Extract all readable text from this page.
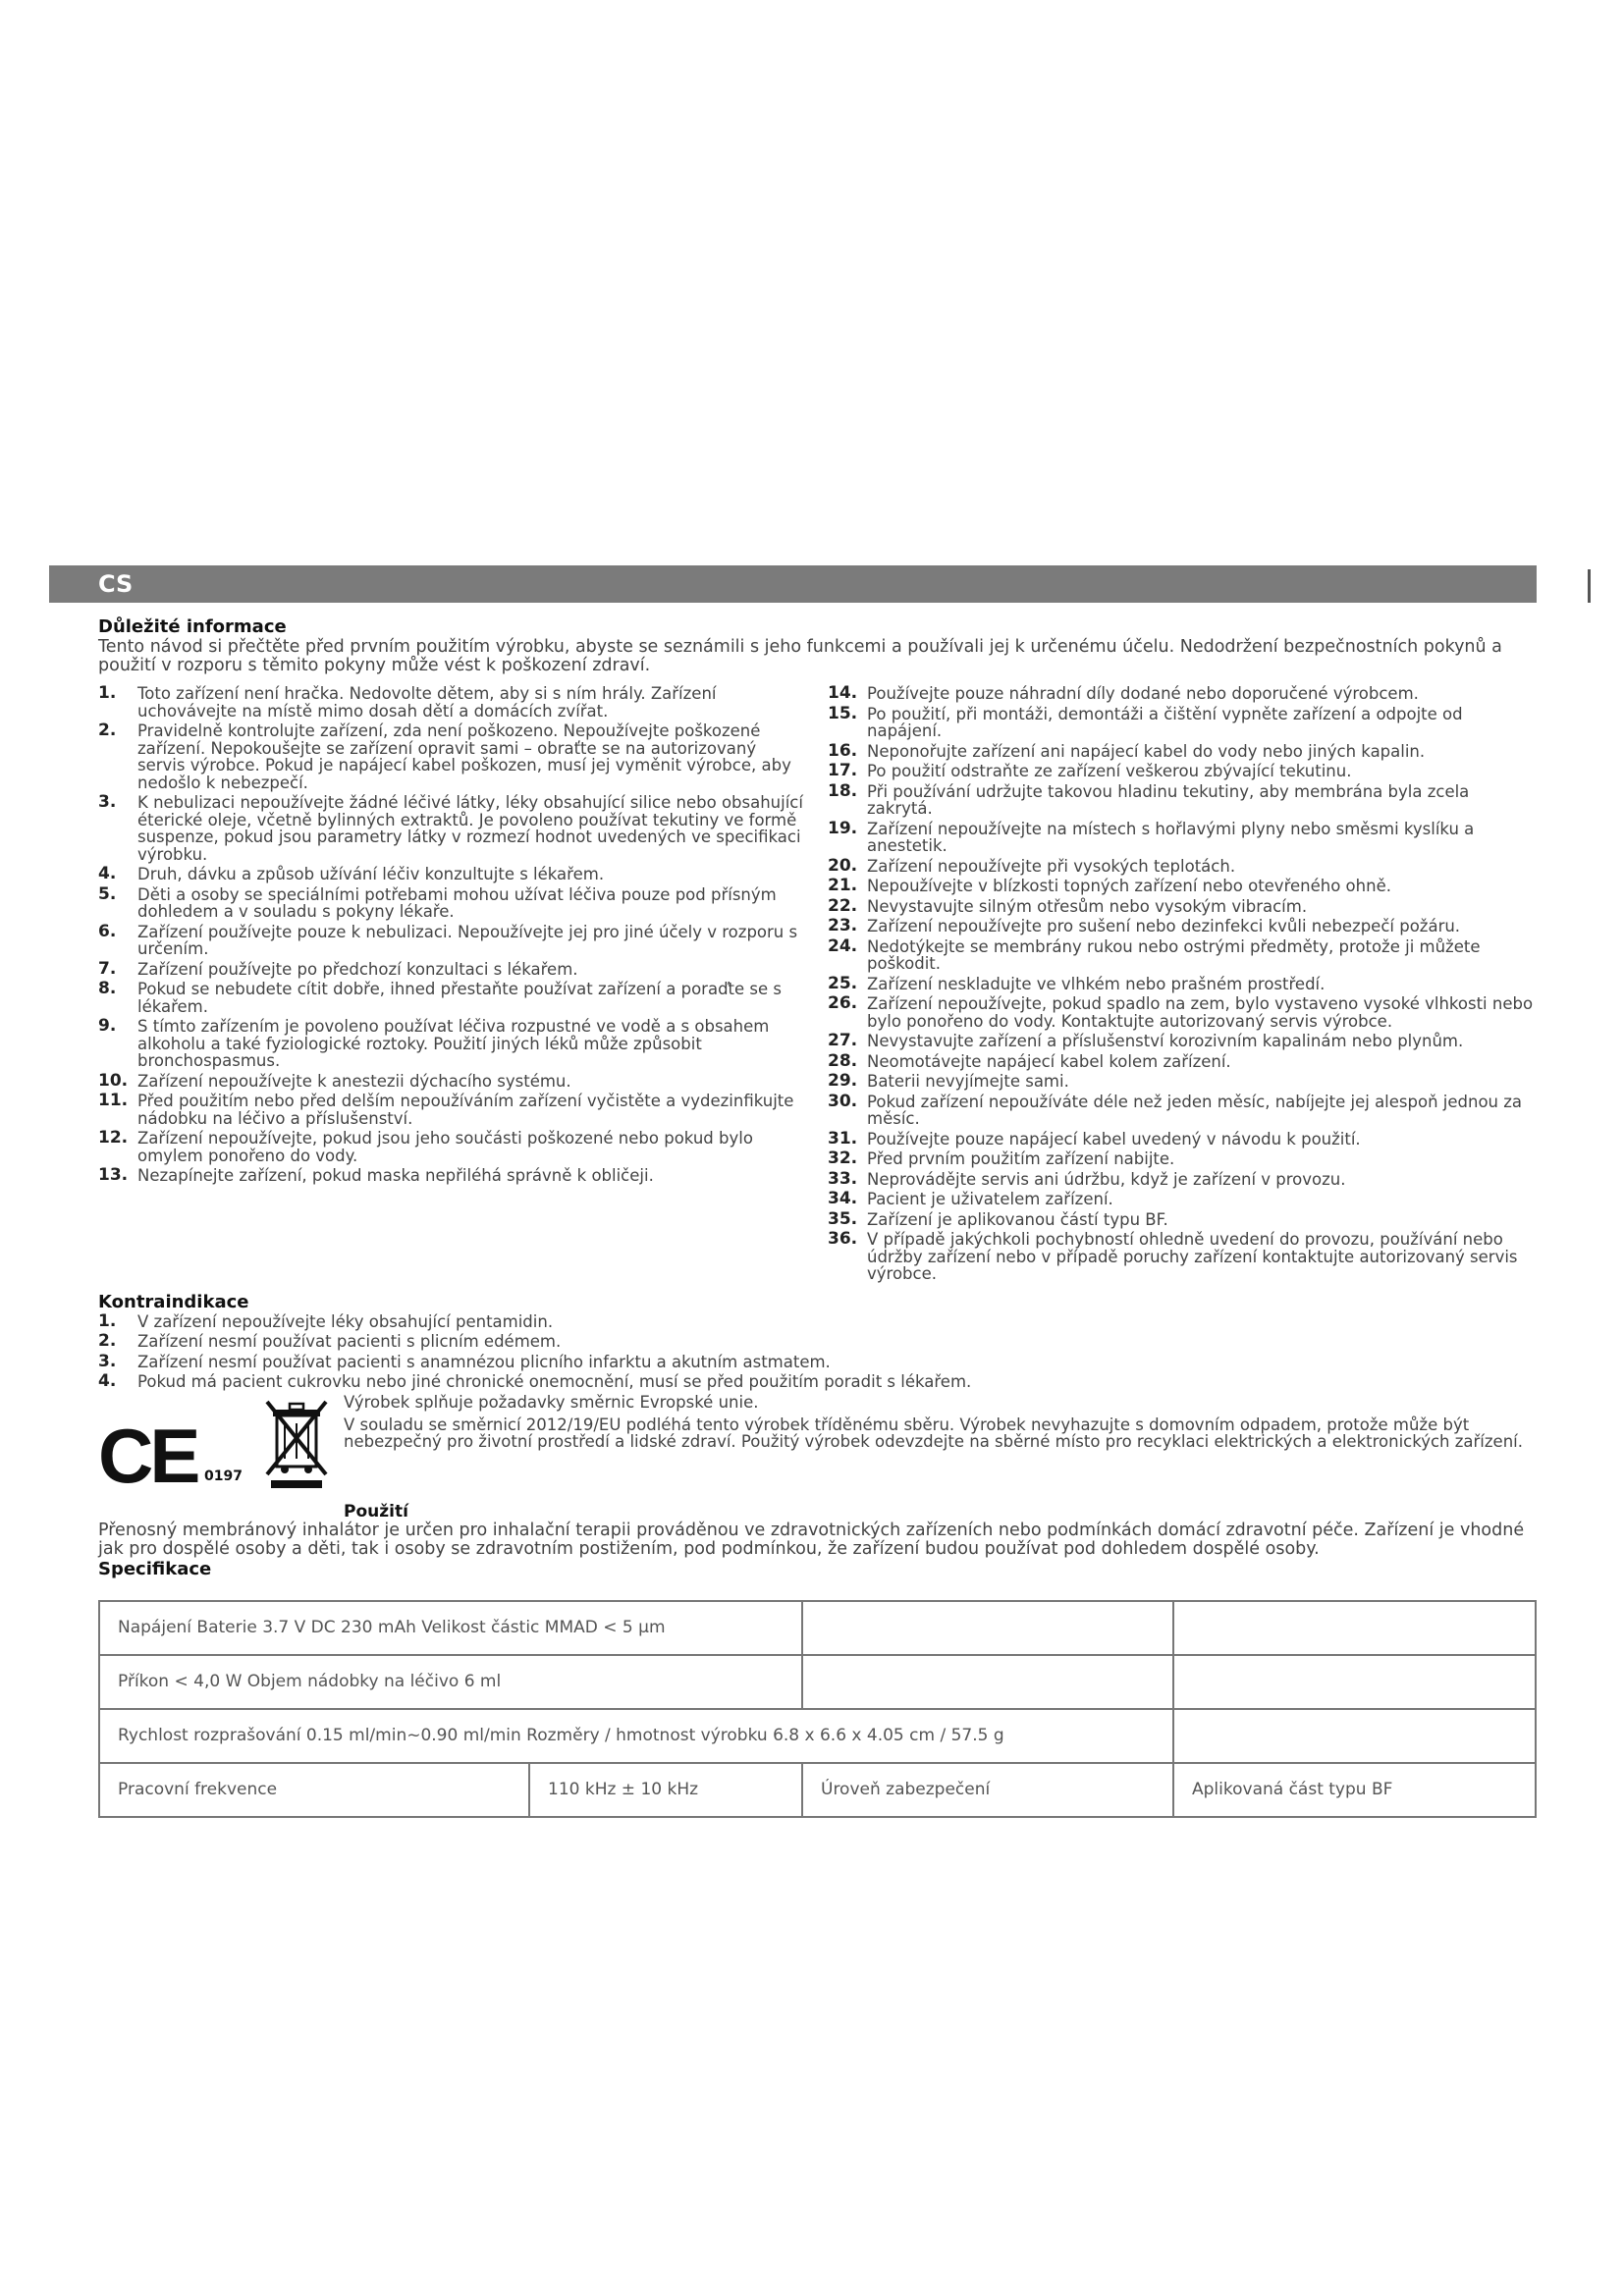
CS
Důležité informace

Tento návod si přečtěte před prvním použitím výrobku, abyste se seznámili s jeho funkcemi a používali jej k určenému účelu. Nedodržení bezpečnostních pokynů a použití v rozporu s těmito pokyny může vést k poškození zdraví.

1.	Toto zařízení není hračka. Nedovolte dětem, aby si s ním hrály. Zařízení uchovávejte na místě mimo dosah dětí a domácích zvířat.
2.	Pravidelně kontrolujte zařízení, zda není poškozeno. Nepoužívejte poškozené zařízení. Nepokoušejte se zařízení opravit sami – obraťte se na autorizovaný servis výrobce. Pokud je napájecí kabel poškozen, musí jej vyměnit výrobce, aby nedošlo k nebezpečí.
3.	K nebulizaci nepoužívejte žádné léčivé látky, léky obsahující silice nebo obsahující éterické oleje, včetně bylinných extraktů. Je povoleno používat tekutiny ve formě suspenze, pokud jsou parametry látky v rozmezí hodnot uvedených ve specifikaci výrobku.
4.	Druh, dávku a způsob užívání léčiv konzultujte s lékařem.
5.	Děti a osoby se speciálními potřebami mohou užívat léčiva pouze pod přísným dohledem a v souladu s pokyny lékaře.
6.	Zařízení používejte pouze k nebulizaci. Nepoužívejte jej pro jiné účely v rozporu s určením.
7.	Zařízení používejte po předchozí konzultaci s lékařem.
8.	Pokud se nebudete cítit dobře, ihned přestaňte používat zařízení a poraďte se s lékařem.
9.	S tímto zařízením je povoleno používat léčiva rozpustné ve vodě a s obsahem alkoholu a také fyziologické roztoky. Použití jiných léků může způsobit bronchospasmus.
10. Zařízení nepoužívejte k anestezii dýchacího systému.
11. Před použitím nebo před delším nepoužíváním zařízení vyčistěte a vydezinfikujte nádobku na léčivo a příslušenství.
12. Zařízení nepoužívejte, pokud jsou jeho součásti poškozené nebo pokud bylo omylem ponořeno do vody.
13. Nezapínejte zařízení, pokud maska nepřiléhá správně k obličeji.
14. Používejte pouze náhradní díly dodané nebo doporučené výrobcem.
15. Po použití, při montáži, demontáži a čištění vypněte zařízení a odpojte od napájení.
16. Neponořujte zařízení ani napájecí kabel do vody nebo jiných kapalin.
17. Po použití odstraňte ze zařízení veškerou zbývající tekutinu.
18. Při používání udržujte takovou hladinu tekutiny, aby membrána byla zcela zakrytá.
19. Zařízení nepoužívejte na místech s hořlavými plyny nebo směsmi kyslíku a anestetik.
20. Zařízení nepoužívejte při vysokých teplotách.
21. Nepoužívejte v blízkosti topných zařízení nebo otevřeného ohně.
22. Nevystavujte silným otřesům nebo vysokým vibracím.
23. Zařízení nepoužívejte pro sušení nebo dezinfekci kvůli nebezpečí požáru.
24. Nedotýkejte se membrány rukou nebo ostrými předměty, protože ji můžete poškodit.
25. Zařízení neskladujte ve vlhkém nebo prašném prostředí.
26. Zařízení nepoužívejte, pokud spadlo na zem, bylo vystaveno vysoké vlhkosti nebo bylo ponořeno do vody. Kontaktujte autorizovaný servis výrobce.
27. Nevystavujte zařízení a příslušenství korozivním kapalinám nebo plynům.
28. Neomotávejte napájecí kabel kolem zařízení.
29. Baterii nevyjímejte sami.
30. Pokud zařízení nepoužíváte déle než jeden měsíc, nabíjejte jej alespoň jednou za měsíc.
31. Používejte pouze napájecí kabel uvedený v návodu k použití.
32. Před prvním použitím zařízení nabijte.
33. Neprovádějte servis ani údržbu, když je zařízení v provozu.
34. Pacient je uživatelem zařízení.
35. Zařízení je aplikovanou částí typu BF.
36. V případě jakýchkoli pochybností ohledně uvedení do provozu, používání nebo údržby zařízení nebo v případě poruchy zařízení kontaktujte autorizovaný servis výrobce.
Kontraindikace
1.	V zařízení nepoužívejte léky obsahující pentamidin.
2.	Zařízení nesmí používat pacienti s plicním edémem.
3.	Zařízení nesmí používat pacienti s anamnézou plicního infarktu a akutním astmatem.
4.	Pokud má pacient cukrovku nebo jiné chronické onemocnění, musí se před použitím poradit s lékařem.
CE 0197

Výrobek splňuje požadavky směrnic Evropské unie.

V souladu se směrnicí 2012/19/EU podléhá tento výrobek tříděnému sběru. Výrobek nevyhazujte s domovním odpadem, protože může být nebezpečný pro životní prostředí a lidské zdraví. Použitý výrobek odevzdejte na sběrné místo pro recyklaci elektrických a elektronických zařízení.

Použití

Přenosný membránový inhalátor je určen pro inhalační terapii prováděnou ve zdravotnických zařízeních nebo podmínkách domácí zdravotní péče. Zařízení je vhodné jak pro dospělé osoby a děti, tak i osoby se zdravotním postižením, pod podmínkou, že zařízení budou používat pod dohledem dospělé osoby.

Specifikace
Napájení Baterie 3.7 V DC 230 mAh Velikost částic MMAD < 5 μm			
Příkon < 4,0 W Objem nádobky na léčivo 6 ml			
Rychlost rozprašování 0.15 ml/min~0.90 ml/min Rozměry / hmotnost výrobku 6.8 x 6.6 x 4.05 cm / 57.5 g			
Pracovní frekvence	110 kHz ± 10 kHz	Úroveň zabezpečení	Aplikovaná část typu BF
